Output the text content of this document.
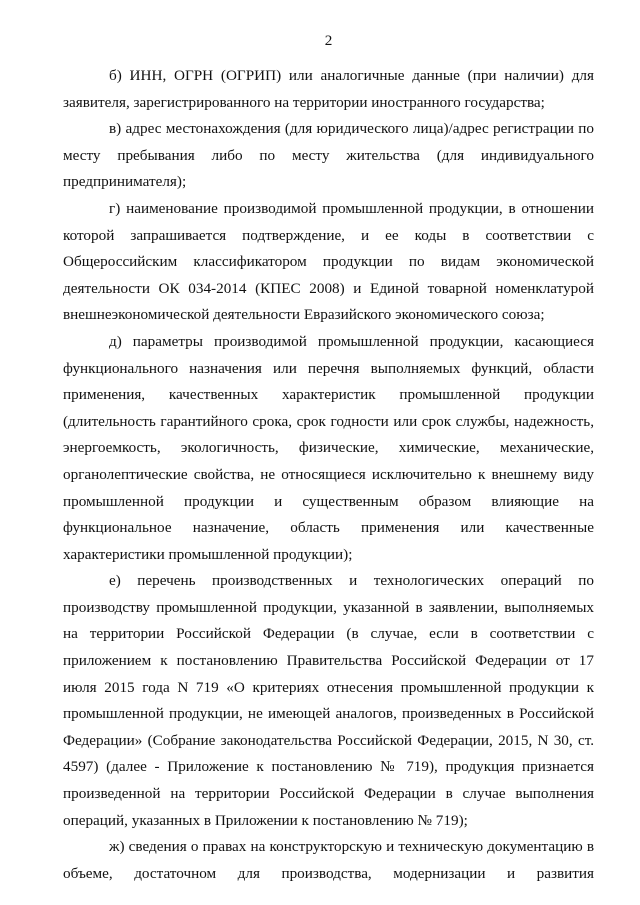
2

б) ИНН, ОГРН (ОГРИП) или аналогичные данные (при наличии) для заявителя, зарегистрированного на территории иностранного государства;

в) адрес местонахождения (для юридического лица)/адрес регистрации по месту пребывания либо по месту жительства (для индивидуального предпринимателя);

г) наименование производимой промышленной продукции, в отношении которой запрашивается подтверждение, и ее коды в соответствии с Общероссийским классификатором продукции по видам экономической деятельности ОК 034-2014 (КПЕС 2008) и Единой товарной номенклатурой внешнеэкономической деятельности Евразийского экономического союза;

д) параметры производимой промышленной продукции, касающиеся функционального назначения или перечня выполняемых функций, области применения, качественных характеристик промышленной продукции (длительность гарантийного срока, срок годности или срок службы, надежность, энергоемкость, экологичность, физические, химические, механические, органолептические свойства, не относящиеся исключительно к внешнему виду промышленной продукции и существенным образом влияющие на функциональное назначение, область применения или качественные характеристики промышленной продукции);

е) перечень производственных и технологических операций по производству промышленной продукции, указанной в заявлении, выполняемых на территории Российской Федерации (в случае, если в соответствии с приложением к постановлению Правительства Российской Федерации от 17 июля 2015 года N 719 «О критериях отнесения промышленной продукции к промышленной продукции, не имеющей аналогов, произведенных в Российской Федерации» (Собрание законодательства Российской Федерации, 2015, N 30, ст. 4597) (далее - Приложение к постановлению № 719), продукция признается произведенной на территории Российской Федерации в случае выполнения операций, указанных в Приложении к постановлению № 719);

ж) сведения о правах на конструкторскую и техническую документацию в объеме, достаточном для производства, модернизации и развития
